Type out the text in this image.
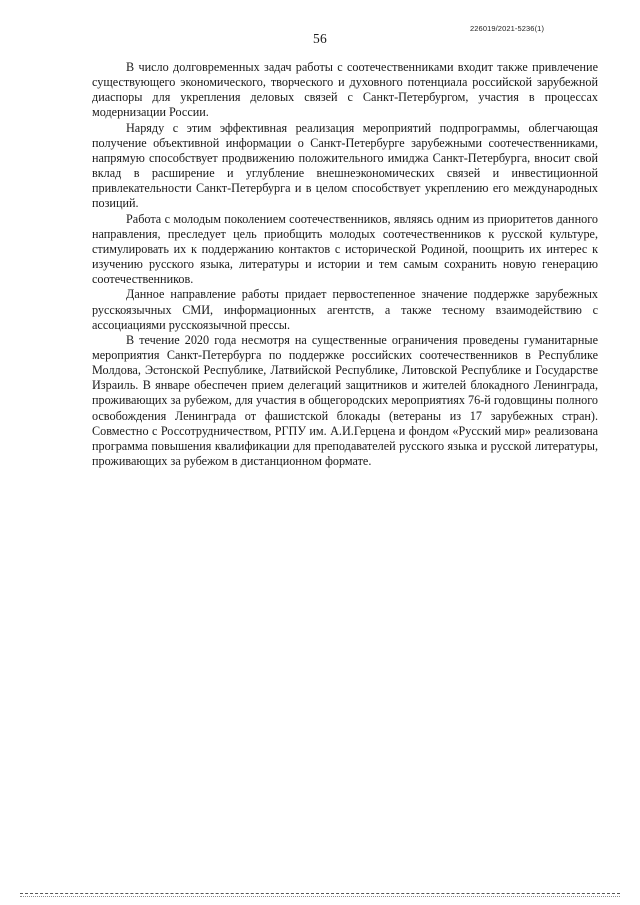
56
226019/2021-5236(1)

В число долговременных задач работы с соотечественниками входит также привлечение существующего экономического, творческого и духовного потенциала российской зарубежной диаспоры для укрепления деловых связей с Санкт-Петербургом, участия в процессах модернизации России.

Наряду с этим эффективная реализация мероприятий подпрограммы, облегчающая получение объективной информации о Санкт-Петербурге зарубежными соотечественниками, напрямую способствует продвижению положительного имиджа Санкт-Петербурга, вносит свой вклад в расширение и углубление внешнеэкономических связей и инвестиционной привлекательности Санкт-Петербурга и в целом способствует укреплению его международных позиций.

Работа с молодым поколением соотечественников, являясь одним из приоритетов данного направления, преследует цель приобщить молодых соотечественников к русской культуре, стимулировать их к поддержанию контактов с исторической Родиной, поощрить их интерес к изучению русского языка, литературы и истории и тем самым сохранить новую генерацию соотечественников.

Данное направление работы придает первостепенное значение поддержке зарубежных русскоязычных СМИ, информационных агентств, а также тесному взаимодействию с ассоциациями русскоязычной прессы.

В течение 2020 года несмотря на существенные ограничения проведены гуманитарные мероприятия Санкт-Петербурга по поддержке российских соотечественников в Республике Молдова, Эстонской Республике, Латвийской Республике, Литовской Республике и Государстве Израиль. В январе обеспечен прием делегаций защитников и жителей блокадного Ленинграда, проживающих за рубежом, для участия в общегородских мероприятиях 76-й годовщины полного освобождения Ленинграда от фашистской блокады (ветераны из 17 зарубежных стран). Совместно с Россотрудничеством, РГПУ им. А.И.Герцена и фондом «Русский мир» реализована программа повышения квалификации для преподавателей русского языка и русской литературы, проживающих за рубежом в дистанционном формате.
